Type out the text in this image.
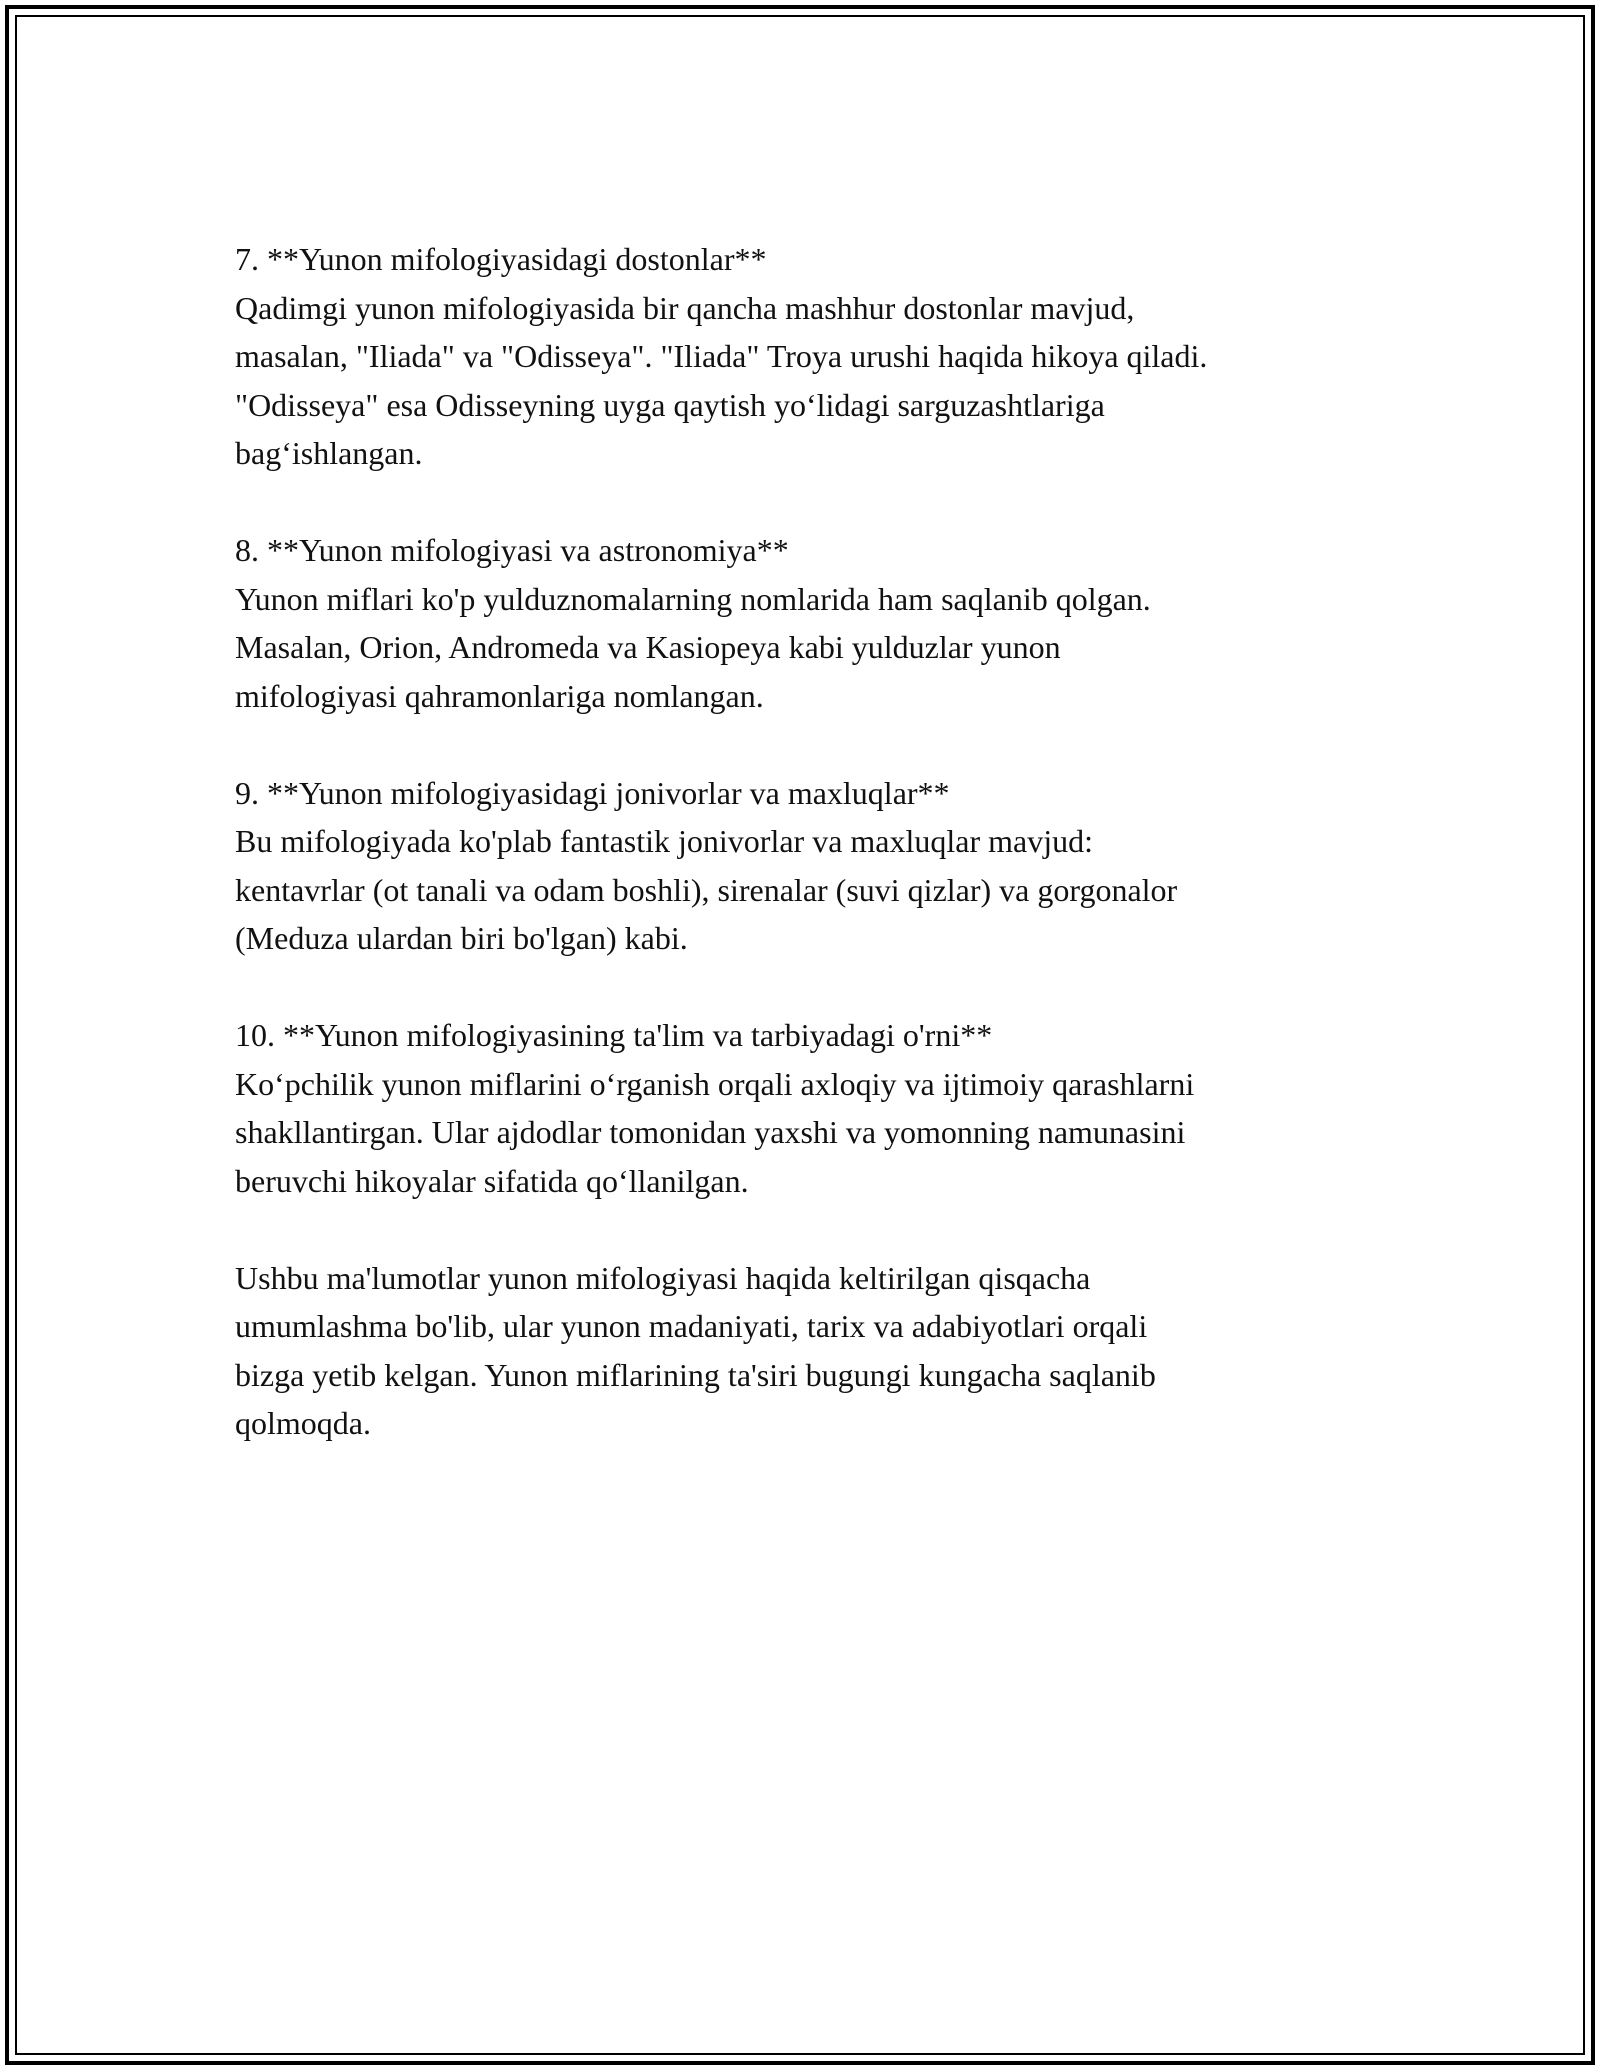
7. **Yunon mifologiyasidagi dostonlar**
Qadimgi yunon mifologiyasida bir qancha mashhur dostonlar mavjud,
masalan, "Iliada" va "Odisseya". "Iliada" Troya urushi haqida hikoya qiladi.
"Odisseya" esa Odisseyning uyga qaytish yo‘lidagi sarguzashtlariga
bag‘ishlangan.
8. **Yunon mifologiyasi va astronomiya**
Yunon miflari ko'p yulduznomalarning nomlarida ham saqlanib qolgan.
Masalan, Orion, Andromeda va Kasiopeya kabi yulduzlar yunon
mifologiyasi qahramonlariga nomlangan.
9. **Yunon mifologiyasidagi jonivorlar va maxluqlar**
Bu mifologiyada ko'plab fantastik jonivorlar va maxluqlar mavjud:
kentavrlar (ot tanali va odam boshli), sirenalar (suvi qizlar) va gorgonalor
(Meduza ulardan biri bo'lgan) kabi.
10. **Yunon mifologiyasining ta'lim va tarbiyadagi o'rni**
Ko‘pchilik yunon miflarini o‘rganish orqali axloqiy va ijtimoiy qarashlarni
shakllantirgan. Ular ajdodlar tomonidan yaxshi va yomonning namunasini
beruvchi hikoyalar sifatida qo‘llanilgan.
Ushbu ma'lumotlar yunon mifologiyasi haqida keltirilgan qisqacha
umumlashma bo'lib, ular yunon madaniyati, tarix va adabiyotlari orqali
bizga yetib kelgan. Yunon miflarining ta'siri bugungi kungacha saqlanib
qolmoqda.
